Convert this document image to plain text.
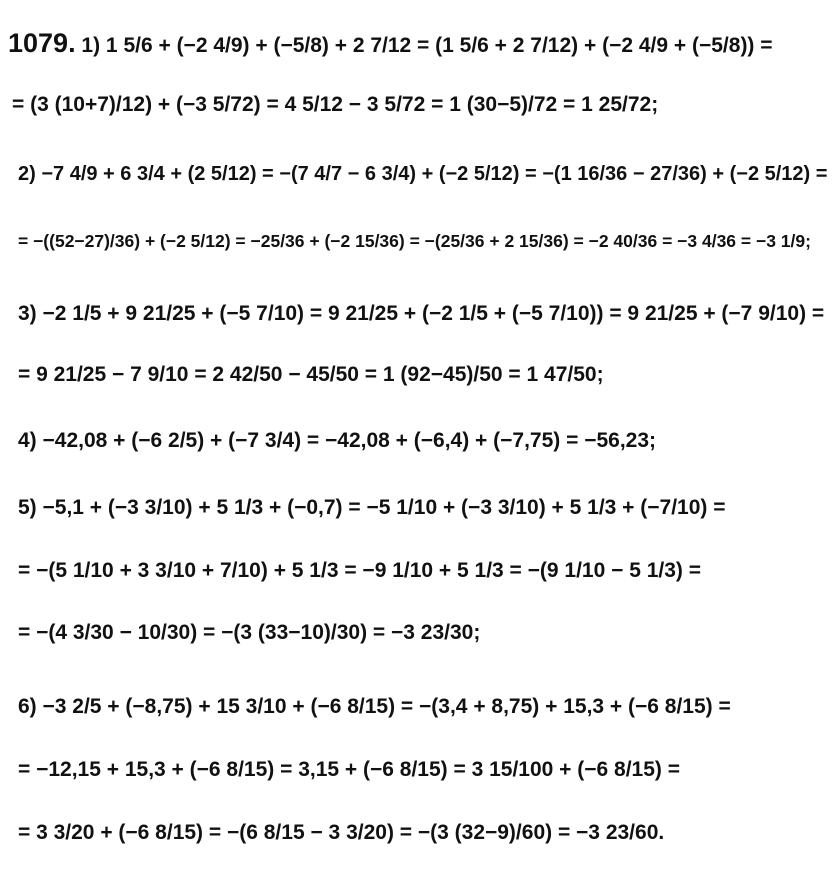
1079. 1) 1 5/6 + (−2 4/9) + (−5/8) + 2 7/12 = (1 5/6 + 2 7/12) + (−2 4/9 + (−5/8)) =
= (3 (10+7)/12) + (−3 5/72) = 4 5/12 − 3 5/72 = 1 (30−5)/72 = 1 25/72;
2) −7 4/9 + 6 3/4 + (2 5/12) = −(7 4/7 − 6 3/4) + (−2 5/12) = −(1 16/36 − 27/36) + (−2 5/12) =
= −((52−27)/36) + (−2 5/12) = −25/36 + (−2 15/36) = −(25/36 + 2 15/36) = −2 40/36 = −3 4/36 = −3 1/9;
3) −2 1/5 + 9 21/25 + (−5 7/10) = 9 21/25 + (−2 1/5 + (−5 7/10)) = 9 21/25 + (−7 9/10) =
= 9 21/25 − 7 9/10 = 2 42/50 − 45/50 = 1 (92−45)/50 = 1 47/50;
4) −42,08 + (−6 2/5) + (−7 3/4) = −42,08 + (−6,4) + (−7,75) = −56,23;
5) −5,1 + (−3 3/10) + 5 1/3 + (−0,7) = −5 1/10 + (−3 3/10) + 5 1/3 + (−7/10) =
= −(5 1/10 + 3 3/10 + 7/10) + 5 1/3 = −9 1/10 + 5 1/3 = −(9 1/10 − 5 1/3) =
= −(4 3/30 − 10/30) = −(3 (33−10)/30) = −3 23/30;
6) −3 2/5 + (−8,75) + 15 3/10 + (−6 8/15) = −(3,4 + 8,75) + 15,3 + (−6 8/15) =
= −12,15 + 15,3 + (−6 8/15) = 3,15 + (−6 8/15) = 3 15/100 + (−6 8/15) =
= 3 3/20 + (−6 8/15) = −(6 8/15 − 3 3/20) = −(3 (32−9)/60) = −3 23/60.
